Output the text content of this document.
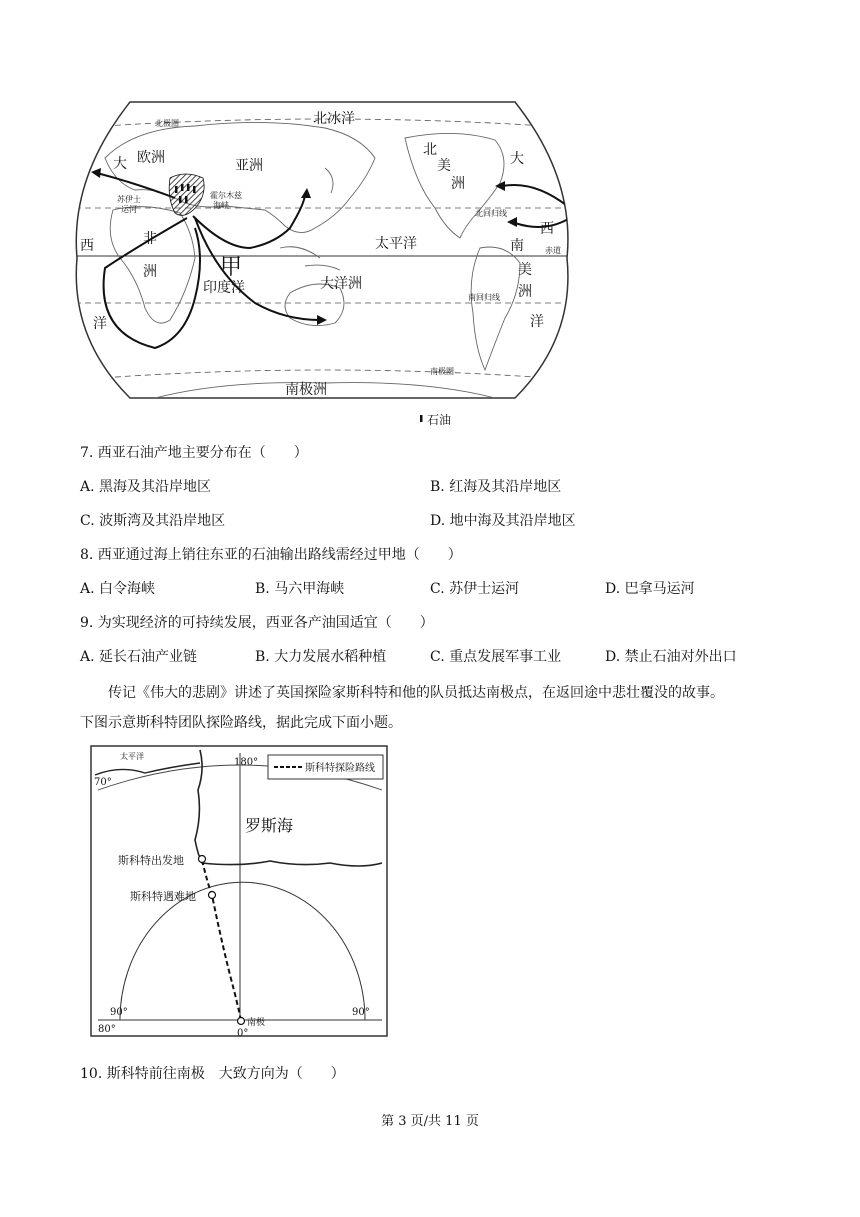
北冰洋
欧洲	亚洲
大
西
洋
苏伊士
运河
霍尔木兹
海峡
非
洲	甲
印度洋	大洋洲
太平洋
北
美
洲
大
西
洋
南
美
洲
南极洲
北极圈
北回归线
赤道
南回归线
南极圈
石油
7. 西亚石油产地主要分布在（　　）
A. 黑海及其沿岸地区	B. 红海及其沿岸地区
C. 波斯湾及其沿岸地区	D. 地中海及其沿岸地区
8. 西亚通过海上销往东亚的石油输出路线需经过甲地（　　）
A. 白令海峡	B. 马六甲海峡	C. 苏伊士运河	D. 巴拿马运河
9. 为实现经济的可持续发展，西亚各产油国适宜（　　）
A. 延长石油产业链	B. 大力发展水稻种植	C. 重点发展军事工业	D. 禁止石油对外出口
传记《伟大的悲剧》讲述了英国探险家斯科特和他的队员抵达南极点，在返回途中悲壮覆没的故事。
下图示意斯科特团队探险路线，据此完成下面小题。
斯科特探险路线
太平洋
180°
70°
罗斯海
斯科特出发地
斯科特遇难地
90°
80°
南极
0°
90°
10. 斯科特前往南极　大致方向为（　　）
第 3 页/共 11 页
